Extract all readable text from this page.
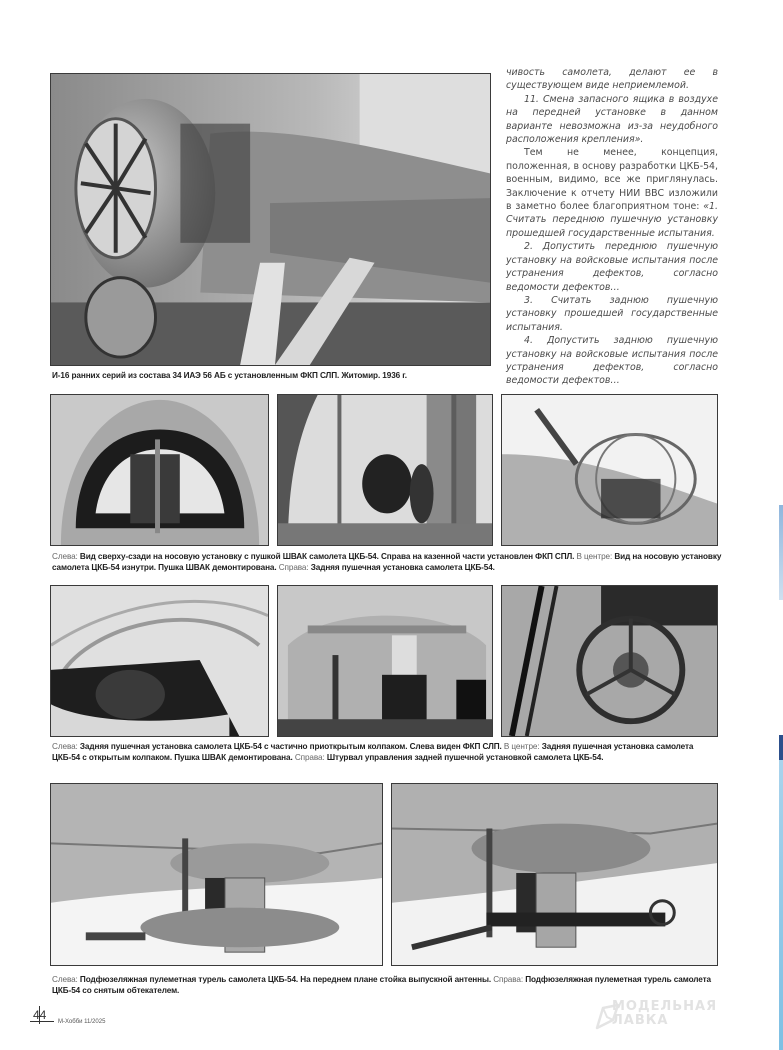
чивость самолета, делают ее в существующем виде неприемлемой.

11. Смена запасного ящика в воздухе на передней установке в данном варианте невозможна из-за неудобного расположения крепления».

Тем не менее, концепция, положенная, в основу разработки ЦКБ-54, военным, видимо, все же приглянулась. Заключение к отчету НИИ ВВС изложили в заметно более благоприятном тоне: «1. Считать переднюю пушечную установку прошедшей государственные испытания.

2. Допустить переднюю пушечную установку на войсковые испытания после устранения дефектов, согласно ведомости дефектов…

3. Считать заднюю пушечную установку прошедшей государственные испытания.

4. Допустить заднюю пушечную установку на войсковые испытания после устранения дефектов, согласно ведомости дефектов…

И-16 ранних серий из состава 34 ИАЭ 56 АБ с установленным ФКП СЛП. Житомир. 1936 г.
Слева: Вид сверху-сзади на носовую установку с пушкой ШВАК самолета ЦКБ-54. Справа на казенной части установлен ФКП СПЛ. В центре: Вид на носовую установку самолета ЦКБ-54 изнутри. Пушка ШВАК демонтирована. Справа: Задняя пушечная установка самолета ЦКБ-54.
Слева: Задняя пушечная установка самолета ЦКБ-54 с частично приоткрытым колпаком. Слева виден ФКП СЛП. В центре: Задняя пушечная установка самолета ЦКБ-54 с открытым колпаком. Пушка ШВАК демонтирована. Справа: Штурвал управления задней пушечной установкой самолета ЦКБ-54.
Слева: Подфюзеляжная пулеметная турель самолета ЦКБ-54. На переднем плане стойка выпускной антенны. Справа: Подфюзеляжная пулеметная турель самолета ЦКБ-54 со снятым обтекателем.
44 М-Хобби 11/2025
МОДЕЛЬНАЯ
ЛАВКА
